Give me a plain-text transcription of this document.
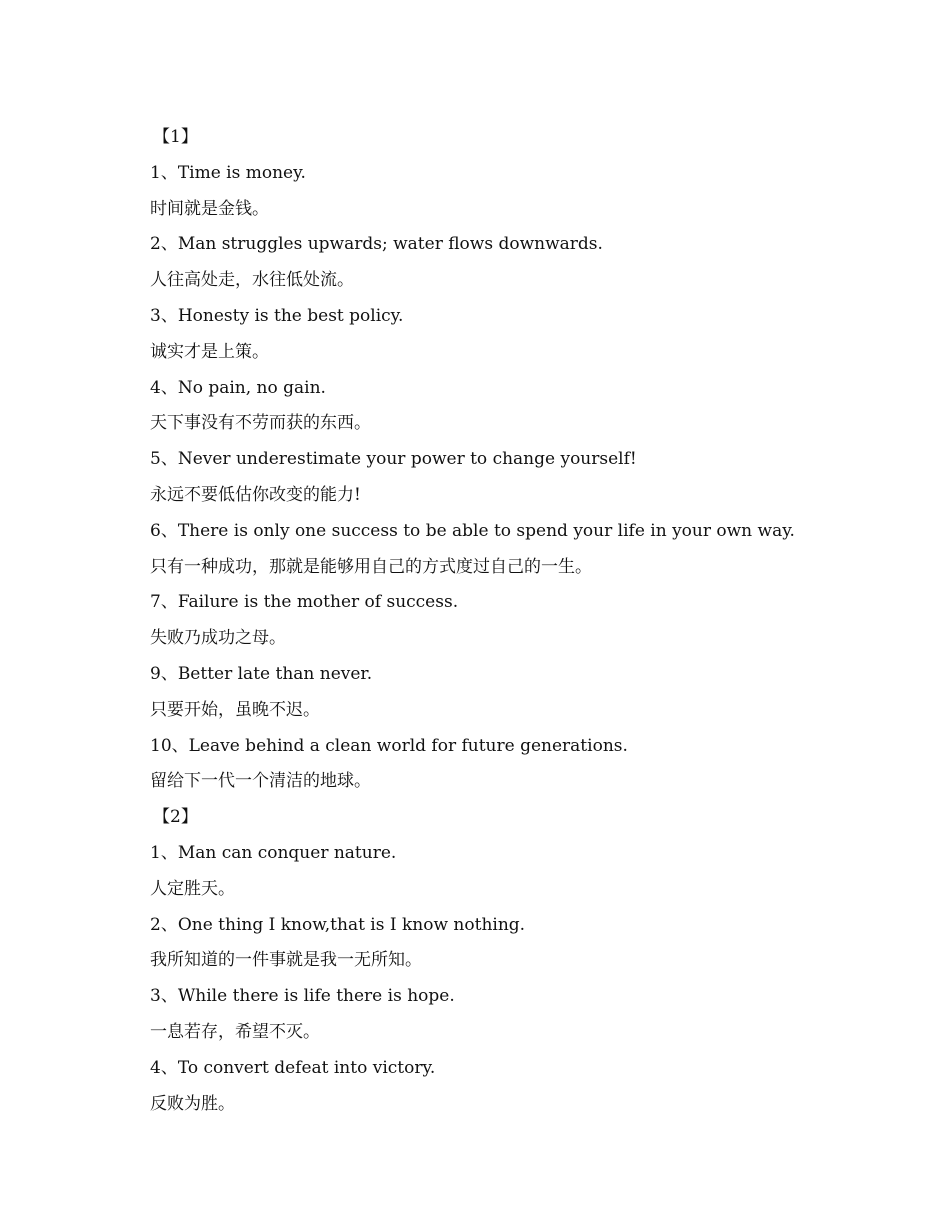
【1】
1、Time is money.
时间就是金钱。
2、Man struggles upwards; water flows downwards.
人往高处走，水往低处流。
3、Honesty is the best policy.
诚实才是上策。
4、No pain, no gain.
天下事没有不劳而获的东西。
5、Never underestimate your power to change yourself!
永远不要低估你改变的能力!
6、There is only one success to be able to spend your life in your own way.
只有一种成功，那就是能够用自己的方式度过自己的一生。
7、Failure is the mother of success.
失败乃成功之母。
9、Better late than never.
只要开始，虽晚不迟。
10、Leave behind a clean world for future generations.
留给下一代一个清洁的地球。
【2】
1、Man can conquer nature.
人定胜天。
2、One thing I know,that is I know nothing.
我所知道的一件事就是我一无所知。
3、While there is life there is hope.
一息若存，希望不灭。
4、To convert defeat into victory.
反败为胜。
